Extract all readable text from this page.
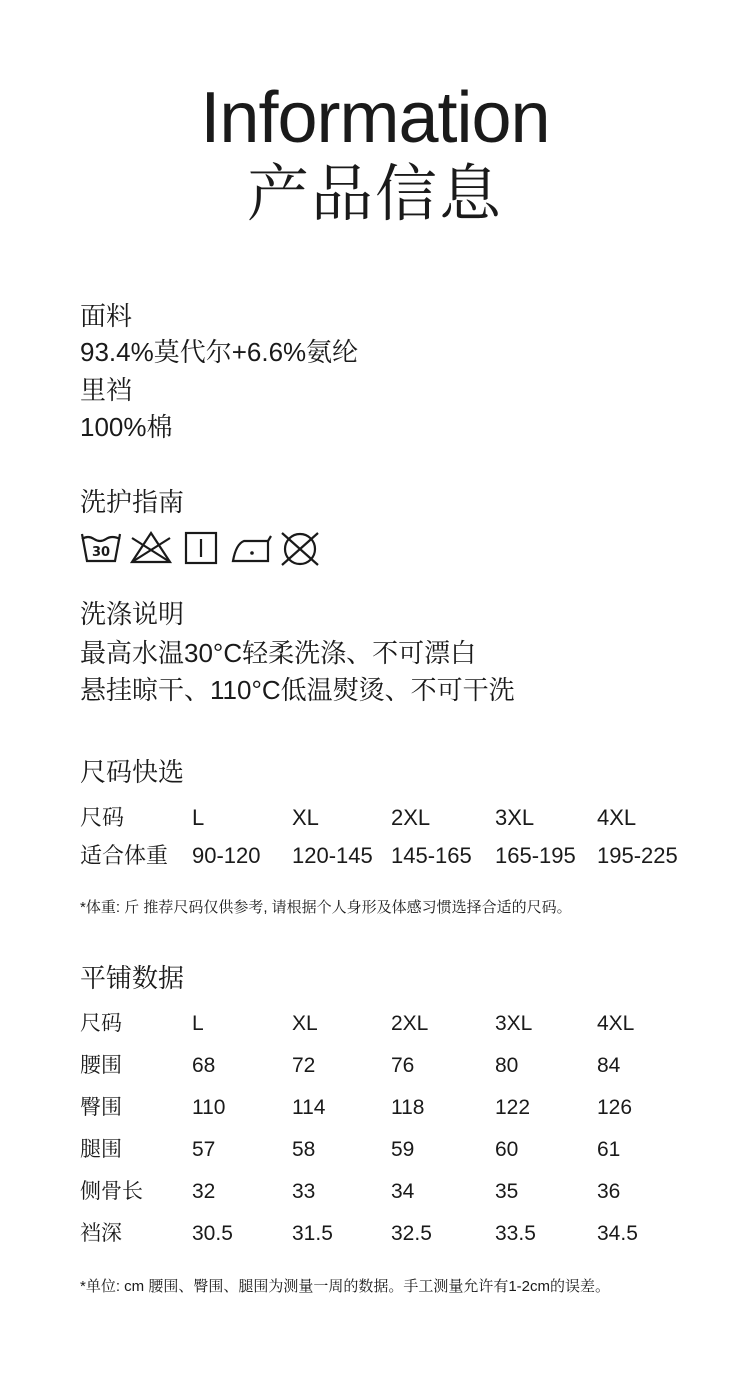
Information
产品信息
面料
93.4%莫代尔+6.6%氨纶
里裆
100%棉
洗护指南
30
洗涤说明
最高水温30°C轻柔洗涤、不可漂白
悬挂晾干、110°C低温熨烫、不可干洗
尺码快选
尺码	L	XL	2XL	3XL	4XL
适合体重 90-120 120-145 145-165 165-195 195-225
*体重: 斤 推荐尺码仅供参考, 请根据个人身形及体感习惯选择合适的尺码。
平铺数据
尺码	L	XL	2XL	3XL	4XL
腰围	68	72	76	80	84
臀围	110	114	118	122	126
腿围	57	58	59	60	61
侧骨长 32	33	34	35	36
裆深	30.5	31.5	32.5	33.5	34.5
*单位: cm 腰围、臀围、腿围为测量一周的数据。手工测量允许有1-2cm的误差。
